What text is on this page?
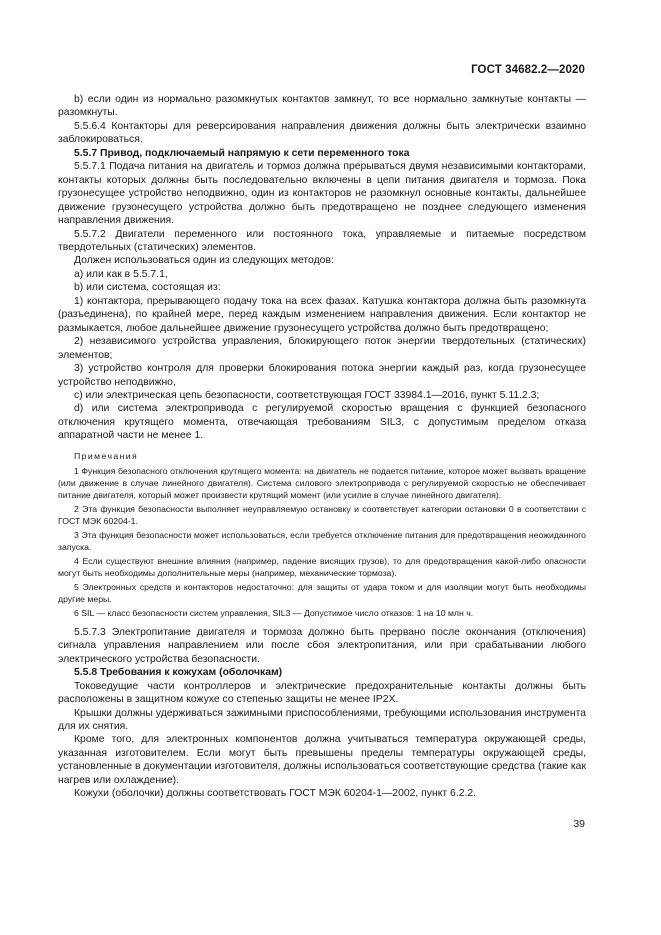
ГОСТ 34682.2—2020

b) если один из нормально разомкнутых контактов замкнут, то все нормально замкнутые контакты — разомкнуты.

5.5.6.4 Контакторы для реверсирования направления движения должны быть электрически взаимно заблокироваться.

5.5.7 Привод, подключаемый напрямую к сети переменного тока

5.5.7.1 Подача питания на двигатель и тормоз должна прерываться двумя независимыми контакторами, контакты которых должны быть последовательно включены в цепи питания двигателя и тормоза. Пока грузонесущее устройство неподвижно, один из контакторов не разомкнул основные контакты, дальнейшее движение грузонесущего устройства должно быть предотвращено не позднее следующего изменения направления движения.

5.5.7.2 Двигатели переменного или постоянного тока, управляемые и питаемые посредством твердотельных (статических) элементов.

Должен использоваться один из следующих методов:

a) или как в 5.5.7.1,

b) или система, состоящая из:

1) контактора, прерывающего подачу тока на всех фазах. Катушка контактора должна быть разомкнута (разъединена), по крайней мере, перед каждым изменением направления движения. Если контактор не размыкается, любое дальнейшее движение грузонесущего устройства должно быть предотвращено;

2) независимого устройства управления, блокирующего поток энергии твердотельных (статических) элементов;

3) устройство контроля для проверки блокирования потока энергии каждый раз, когда грузонесущее устройство неподвижно,

c) или электрическая цепь безопасности, соответствующая ГОСТ 33984.1—2016, пункт 5.11.2.3;

d) или система электропривода с регулируемой скоростью вращения с функцией безопасного отключения крутящего момента, отвечающая требованиям SIL3, с допустимым пределом отказа аппаратной части не менее 1.

Примечания

1 Функция безопасного отключения крутящего момента: на двигатель не подается питание, которое может вызвать вращение (или движение в случае линейного двигателя). Система силового электропривода с регулируемой скоростью не обеспечивает питание двигателя, который может произвести крутящий момент (или усилие в случае линейного двигателя).

2 Эта функция безопасности выполняет неуправляемую остановку и соответствует категории остановки 0 в соответствии с ГОСТ МЭК 60204-1.

3 Эта функция безопасности может использоваться, если требуется отключение питания для предотвращения неожиданного запуска.

4 Если существуют внешние влияния (например, падение висящих грузов), то для предотвращения какой-либо опасности могут быть необходимы дополнительные меры (например, механические тормоза).

5 Электронных средств и контакторов недостаточно: для защиты от удара током и для изоляции могут быть необходимы другие меры.

6 SIL — класс безопасности систем управления, SIL3 — Допустимое число отказов: 1 на 10 млн ч.

5.5.7.3 Электропитание двигателя и тормоза должно быть прервано после окончания (отключения) сигнала управления направлением или после сбоя электропитания, или при срабатывании любого электрического устройства безопасности.

5.5.8 Требования к кожухам (оболочкам)

Токоведущие части контроллеров и электрические предохранительные контакты должны быть расположены в защитном кожухе со степенью защиты не менее IP2X.

Крышки должны удерживаться зажимными приспособлениями, требующими использования инструмента для их снятия.

Кроме того, для электронных компонентов должна учитываться температура окружающей среды, указанная изготовителем. Если могут быть превышены пределы температуры окружающей среды, установленные в документации изготовителя, должны использоваться соответствующие средства (такие как нагрев или охлаждение).

Кожухи (оболочки) должны соответствовать ГОСТ МЭК 60204-1—2002, пункт 6.2.2.

39
